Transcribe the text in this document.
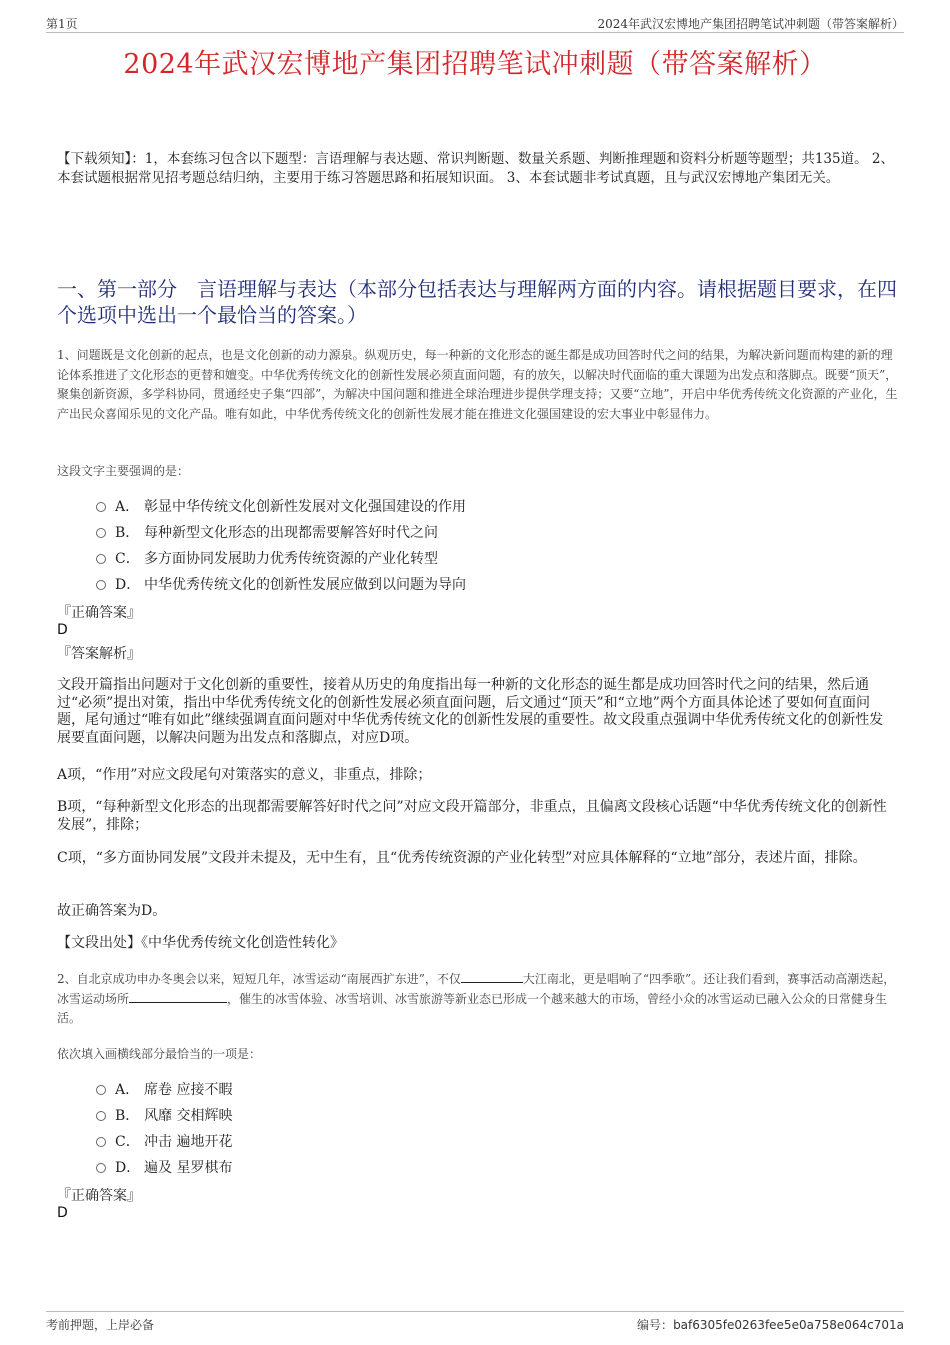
第1页	2024年武汉宏博地产集团招聘笔试冲刺题（带答案解析）
2024年武汉宏博地产集团招聘笔试冲刺题（带答案解析）
【下载须知】：1，本套练习包含以下题型：言语理解与表达题、常识判断题、数量关系题、判断推理题和资料分析题等题型；共135道。 2、本套试题根据常见招考题总结归纳，主要用于练习答题思路和拓展知识面。 3、本套试题非考试真题，且与武汉宏博地产集团无关。
一、第一部分　言语理解与表达（本部分包括表达与理解两方面的内容。请根据题目要求，在四个选项中选出一个最恰当的答案。）
1、问题既是文化创新的起点，也是文化创新的动力源泉。纵观历史，每一种新的文化形态的诞生都是成功回答时代之问的结果，为解决新问题而构建的新的理论体系推进了文化形态的更替和嬗变。中华优秀传统文化的创新性发展必须直面问题，有的放矢，以解决时代面临的重大课题为出发点和落脚点。既要“顶天”，聚集创新资源，多学科协同，贯通经史子集“四部”，为解决中国问题和推进全球治理进步提供学理支持；又要“立地”，开启中华优秀传统文化资源的产业化，生产出民众喜闻乐见的文化产品。唯有如此，中华优秀传统文化的创新性发展才能在推进文化强国建设的宏大事业中彰显伟力。
这段文字主要强调的是：
A． 彰显中华传统文化创新性发展对文化强国建设的作用
B． 每种新型文化形态的出现都需要解答好时代之问
C． 多方面协同发展助力优秀传统资源的产业化转型
D． 中华优秀传统文化的创新性发展应做到以问题为导向
『正确答案』
D
『答案解析』
文段开篇指出问题对于文化创新的重要性，接着从历史的角度指出每一种新的文化形态的诞生都是成功回答时代之问的结果，然后通过“必须”提出对策，指出中华优秀传统文化的创新性发展必须直面问题，后文通过“顶天”和“立地”两个方面具体论述了要如何直面问题，尾句通过“唯有如此”继续强调直面问题对中华优秀传统文化的创新性发展的重要性。故文段重点强调中华优秀传统文化的创新性发展要直面问题，以解决问题为出发点和落脚点，对应D项。
A项，“作用”对应文段尾句对策落实的意义，非重点，排除；
B项，“每种新型文化形态的出现都需要解答好时代之问”对应文段开篇部分，非重点，且偏离文段核心话题“中华优秀传统文化的创新性发展”，排除；
C项，“多方面协同发展”文段并未提及，无中生有，且“优秀传统资源的产业化转型”对应具体解释的“立地”部分，表述片面，排除。
故正确答案为D。
【文段出处】《中华优秀传统文化创造性转化》
2、自北京成功申办冬奥会以来，短短几年，冰雪运动“南展西扩东进”，不仅	大江南北，更是唱响了“四季歌”。还让我们看到，赛事活动高潮迭起，冰雪运动场所	，催生的冰雪体验、冰雪培训、冰雪旅游等新业态已形成一个越来越大的市场，曾经小众的冰雪运动已融入公众的日常健身生活。
依次填入画横线部分最恰当的一项是：
A． 席卷 应接不暇
B． 风靡 交相辉映
C． 冲击 遍地开花
D． 遍及 星罗棋布
『正确答案』
D
考前押题，上岸必备	编号：baf6305fe0263fee5e0a758e064c701a
